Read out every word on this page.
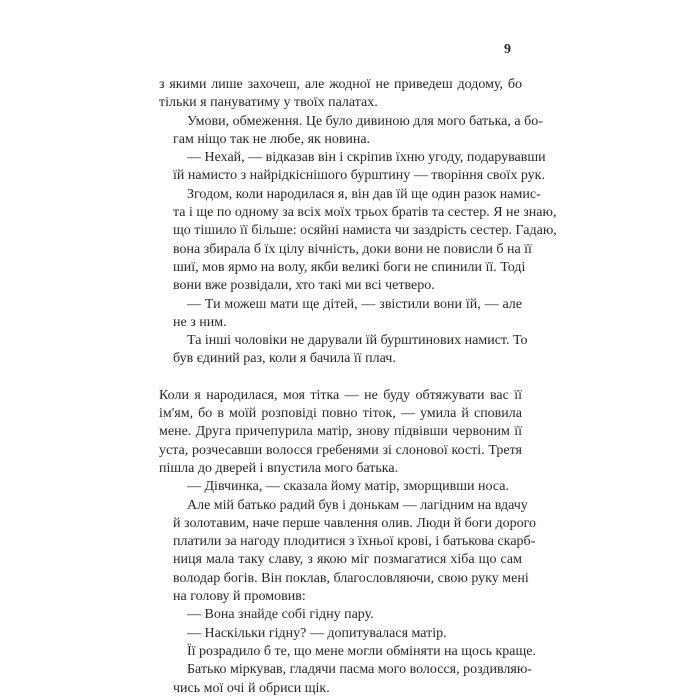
9
з якими лише захочеш, але жодної не приведеш додому, бо
тільки я пануватиму у твоїх палатах.
Умови, обмеження. Це було дивиною для мого батька, а бо-
гам ніщо так не любе, як новина.
— Нехай, — відказав він і скріпив їхню угоду, подарувавши
їй намисто з найрідкіснішого бурштину — творіння своїх рук.
Згодом, коли народилася я, він дав їй ще один разок намис-
та і ще по одному за всіх моїх трьох братів та сестер. Я не знаю,
що тішило її більше: осяйні намиста чи заздрість сестер. Гадаю,
вона збирала б їх цілу вічність, доки вони не повисли б на її
шиї, мов ярмо на волу, якби великі боги не спинили її. Тоді
вони вже розвідали, хто такі ми всі четверо.
— Ти можеш мати ще дітей, — звістили вони їй, — але
не з ним.
Та інші чоловіки не дарували їй бурштинових намист. То
був єдиний раз, коли я бачила її плач.
Коли я народилася, моя тітка — не буду обтяжувати вас її
ім'ям, бо в моїй розповіді повно тіток, — умила й сповила
мене. Друга причепурила матір, знову підвівши червоним її
уста, розчесавши волосся гребенями зі слонової кості. Третя
пішла до дверей і впустила мого батька.
— Дівчинка, — сказала йому матір, зморщивши носа.
Але мій батько радий був і донькам — лагідним на вдачу
й золотавим, наче перше чавлення олив. Люди й боги дорого
платили за нагоду плодитися з їхньої крові, і батькова скарб-
ниця мала таку славу, з якою міг позмагатися хіба що сам
володар богів. Він поклав, благословляючи, свою руку мені
на голову й промовив:
— Вона знайде собі гідну пару.
— Наскільки гідну? — допитувалася матір.
Її розрадило б те, що мене могли обміняти на щось краще.
Батько міркував, гладячи пасма мого волосся, роздивляю-
чись мої очі й обриси щік.
